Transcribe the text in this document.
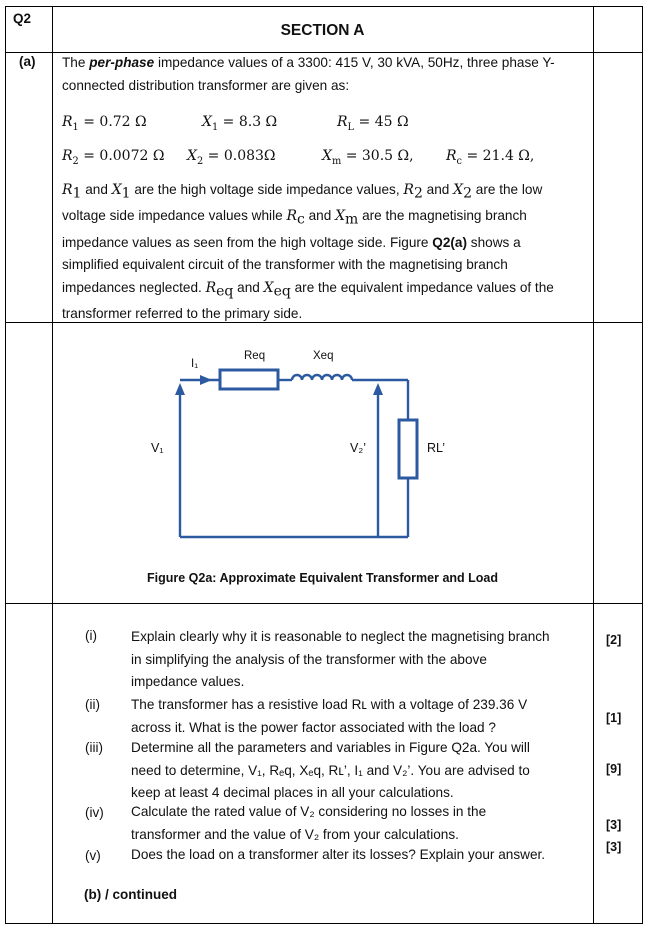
Q2
SECTION A
(a) The per-phase impedance values of a 3300: 415 V, 30 kVA, 50Hz, three phase Y-
connected distribution transformer are given as:
$R_1 = 0.72$ Ω	$X_1 = 8.3$ Ω	$R_L = 45$ Ω
$R_2 = 0.0072$ Ω $X_2 = 0.083\Omega$	$X_m = 30.5$ Ω, $R_c = 21.4$ Ω,
$R_1$ and $X_1$ are the high voltage side impedance values, $R_2$ and $X_2$ are the low
voltage side impedance values while $R_c$ and $X_m$ are the magnetising branch
impedance values as seen from the high voltage side. Figure Q2(a) shows a
simplified equivalent circuit of the transformer with the magnetising branch
impedances neglected. $R_{eq}$ and $X_{eq}$ are the equivalent impedance values of the
transformer referred to the primary side.
I₁
Req	Xeq
V₁	V₂’	RL’
Figure Q2a: Approximate Equivalent Transformer and Load
(i)	Explain clearly why it is reasonable to neglect the magnetising branch
in simplifying the analysis of the transformer with the above
impedance values.
[2]
(ii) The transformer has a resistive load Rʟ with a voltage of 239.36 V
across it. What is the power factor associated with the load ?
[1]
(iii) Determine all the parameters and variables in Figure Q2a. You will
need to determine, V₁, Rₑq, Xₑq, Rʟ’, I₁ and V₂’. You are advised to
keep at least 4 decimal places in all your calculations.
[9]
(iv) Calculate the rated value of V₂ considering no losses in the
transformer and the value of V₂ from your calculations.
[3]
(v) Does the load on a transformer alter its losses? Explain your answer.	[3]
(b) / continued
